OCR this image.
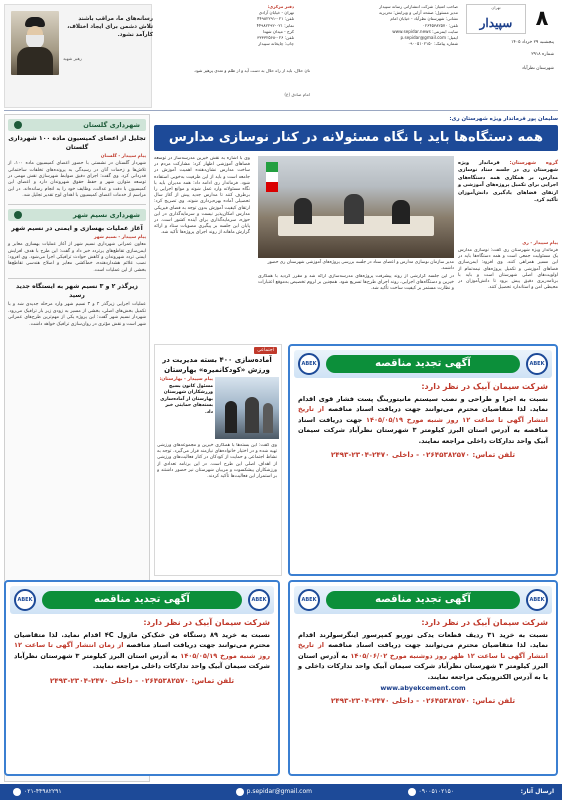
۸
تهران
سپیدار
پنجشنبه ۲۹ خرداد ۱۴۰۵
شماره ۲۹۱۸
شهرستان نظرآباد
صاحب امتیاز: شرکت انتشاراتی رسانه سپیدار
مدیر مسئول: صفحه آرایی و ویرایش: تحریریه
نشانی: شهرستان نظرآباد - خیابان امام
تلفن: ۰۲۶۴۵۳۸۲۵۷۰
سایت اینترنتی: www.sepidar.news
ایمیل: p.sepidar@gmail.com
شماره پیامک: ۰۹۰۰۵۱۰۲۱۵۰
دفتر مرکزی:
تهران - خیابان آزادی
تلفن: ۰۲۱-۴۴۹۸۲۲۹۱
نمابر: ۰۲۱-۴۴۹۸۲۲۹۲
کرج - میدان شهدا
تلفن: ۰۲۶-۳۳۳۳۲۵۶۸
چاپ: چاپخانه سپیدار
نان حلال، باید از راه حلال به دست آید و از ظلم و تعدی پرهیز شود.
امام صادق (ع)
رسانه‌های ما، مراقب باشند تلاش دشمن برای ایجاد اختلاف، کارآمد نشود.
رهبر شهید
سلیمان پور فرماندار ویژه شهرستان ری:
همه دستگاه‌ها باید با نگاه مسئولانه در کنار نوسازی مدارس
گروه شهرستان: فرماندار ویژه شهرستان ری در جلسه ستاد نوسازی مدارس، بر همکاری همه دستگاه‌های اجرایی برای تکمیل پروژه‌های آموزشی و ارتقای فضاهای یادگیری دانش‌آموزان تأکید کرد.
پیام سپیدار - ری
فرماندار ویژه شهرستان ری گفت: نوسازی مدارس یک مسئولیت جمعی است و همه دستگاه‌ها باید در این مسیر همراهی کنند. وی افزود: ایمن‌سازی فضاهای آموزشی و تکمیل پروژه‌های نیمه‌تمام از اولویت‌های اصلی شهرستان است و باید با برنامه‌ریزی دقیق پیش برود تا دانش‌آموزان در محیطی امن و استاندارد تحصیل کنند.
مدیر سازمان نوسازی مدارس و اعضای ستاد در جلسه بررسی پروژه‌های آموزشی شهرستان ری حضور داشتند.
در این جلسه گزارشی از روند پیشرفت پروژه‌های مدرسه‌سازی ارائه شد و مقرر گردید با همکاری خیرین و دستگاه‌های اجرایی، روند اجرای طرح‌ها تسریع شود. همچنین بر لزوم تخصیص به‌موقع اعتبارات و نظارت مستمر بر کیفیت ساخت تأکید شد.
وی با اشاره به نقش خیرین مدرسه‌ساز در توسعه فضاهای آموزشی اظهار کرد: مشارکت مردم در ساخت مدارس نشان‌دهنده اهمیت آموزش در جامعه است و باید از این ظرفیت به‌خوبی استفاده شود. فرماندار ری ادامه داد: همه مدیران باید با نگاه مسئولانه وارد عمل شوند و موانع اجرایی را برطرف کنند تا مدارس جدید پیش از آغاز سال تحصیلی آماده بهره‌برداری شوند. وی تصریح کرد: ارتقای کیفیت آموزش بدون توجه به فضای فیزیکی مدارس امکان‌پذیر نیست و سرمایه‌گذاری در این حوزه، سرمایه‌گذاری برای آینده کشور است. در پایان این جلسه بر پیگیری مصوبات ستاد و ارائه گزارش ماهانه از روند اجرای پروژه‌ها تأکید شد.
شهرداری گلستان
تجلیل از اعضای کمیسیون ماده ۱۰۰ شهرداری گلستان
پیام سپیدار - گلستان
شهردار گلستان در نشستی با حضور اعضای کمیسیون ماده ۱۰۰، از تلاش‌ها و زحمات آنان در رسیدگی به پرونده‌های تخلفات ساختمانی قدردانی کرد. وی گفت: اجرای دقیق ضوابط شهرسازی نقش مهمی در توسعه متوازن شهر و حفظ حقوق شهروندان دارد و اعضای این کمیسیون با دقت و عدالت، وظایف خود را به انجام رسانده‌اند. در این مراسم از خدمات اعضای کمیسیون با اهدای لوح تقدیر تجلیل شد.
شهرداری نسیم شهر
آغاز عملیات بهسازی و ایمنی در نسیم شهر
پیام سپیدار - نسیم شهر
معاون عمرانی شهرداری نسیم شهر از آغاز عملیات بهسازی معابر و ایمن‌سازی تقاطع‌های پرتردد خبر داد و گفت: این طرح با هدف افزایش ایمنی تردد شهروندان و کاهش حوادث ترافیکی اجرا می‌شود. وی افزود: نصب علائم هشداردهنده، خط‌کشی معابر و اصلاح هندسی تقاطع‌ها بخشی از این عملیات است.
زیرگذر ۲ و ۳ نسیم شهر به ایستگاه جدید رسید
عملیات اجرایی زیرگذر ۲ و ۳ نسیم شهر وارد مرحله جدیدی شد و با تکمیل بخش‌های اصلی، بخشی از مسیر به زودی زیر بار ترافیک می‌رود. شهردار نسیم شهر گفت: این پروژه یکی از مهم‌ترین طرح‌های عمرانی شهر است و نقش مؤثری در روان‌سازی ترافیک خواهد داشت.
اجتماعی
آماده‌سازی ۴۰۰ بسته مدیریت در ورزش «کودکانمیره» بهارستان
پیام سپیدار - بهارستان: مسئول کانون بسیج ورزشکاران شهرستان بهارستان از آماده‌سازی بسته‌های حمایتی خبر داد.
وی گفت: این بسته‌ها با همکاری خیرین و مجموعه‌های ورزشی تهیه شده و در اختیار خانواده‌های نیازمند قرار می‌گیرد. توجه به نشاط اجتماعی و حمایت از کودکان در کنار فعالیت‌های ورزشی از اهداف اصلی این طرح است. در این برنامه تعدادی از ورزشکاران پیشکسوت و مربیان شهرستان نیز حضور داشتند و بر استمرار این فعالیت‌ها تأکید کردند.
ABEK
آگهی تجدید مناقصه
ABEK
شرکت سیمان آبیک در نظر دارد:
نسبت به اجرا و طراحی و نصب سیستم مانیتورینگ پست فشار قوی اقدام نماید. لذا متقاضیان محترم می‌توانند جهت دریافت اسناد مناقصه از تاریخ انتشار آگهی تا ساعت ۱۲ روز شنبه مورخ ۱۴۰۵/۰۵/۱۹ جهت دریافت اسناد مناقصه به آدرس استان البرز کیلومتر ۳ شهرستان نظرآباد شرکت سیمان آبیک واحد تدارکات داخلی مراجعه نمایند.
تلفن تماس: ۰۲۶۴۵۳۸۲۵۷۰ - داخلی ۲۴۷۰-۲۳۰۴-۲۴۹۳
ABEK
آگهی تجدید مناقصه
ABEK
شرکت سیمان آبیک در نظر دارد:
نسبت به خرید ۸۹ دستگاه فن خنک‌کن ماژول ۴C اقدام نماید. لذا متقاضیان محترم می‌توانند جهت دریافت اسناد مناقصه از زمان انتشار آگهی تا ساعت ۱۲ روز شنبه مورخ ۱۴۰۵/۰۵/۱۹ به آدرس استان البرز کیلومتر ۳ شهرستان نظرآباد شرکت سیمان آبیک واحد تدارکات داخلی مراجعه نمایند.
تلفن تماس: ۰۲۶۴۵۳۸۲۵۷۰ - داخلی ۲۴۷۰-۲۳۰۴-۲۴۹۳
ABEK
آگهی تجدید مناقصه
ABEK
شرکت سیمان آبیک در نظر دارد:
نسبت به خرید ۳۱ ردیف قطعات یدکی توربو کمپرسور اینگرسولرند اقدام نماید. لذا متقاضیان محترم می‌توانند جهت دریافت اسناد مناقصه از تاریخ انتشار آگهی تا ساعت ۱۲ ظهر روز دوشنبه مورخ ۱۴۰۵/۰۶/۰۲ به آدرس استان البرز کیلومتر ۳ شهرستان نظرآباد شرکت سیمان آبیک واحد تدارکات داخلی و یا به آدرس الکترونیکی مراجعه نمایند.
www.abyekcement.com
تلفن تماس: ۰۲۶۴۵۳۸۲۵۷۰ - داخلی ۲۴۷۰-۲۳۰۴-۲۴۹۳
ارسال آثار:
۰۹۰۰۵۱۰۲۱۵۰
p.sepidar@gmail.com
۰۲۱-۴۴۹۸۲۲۹۱
